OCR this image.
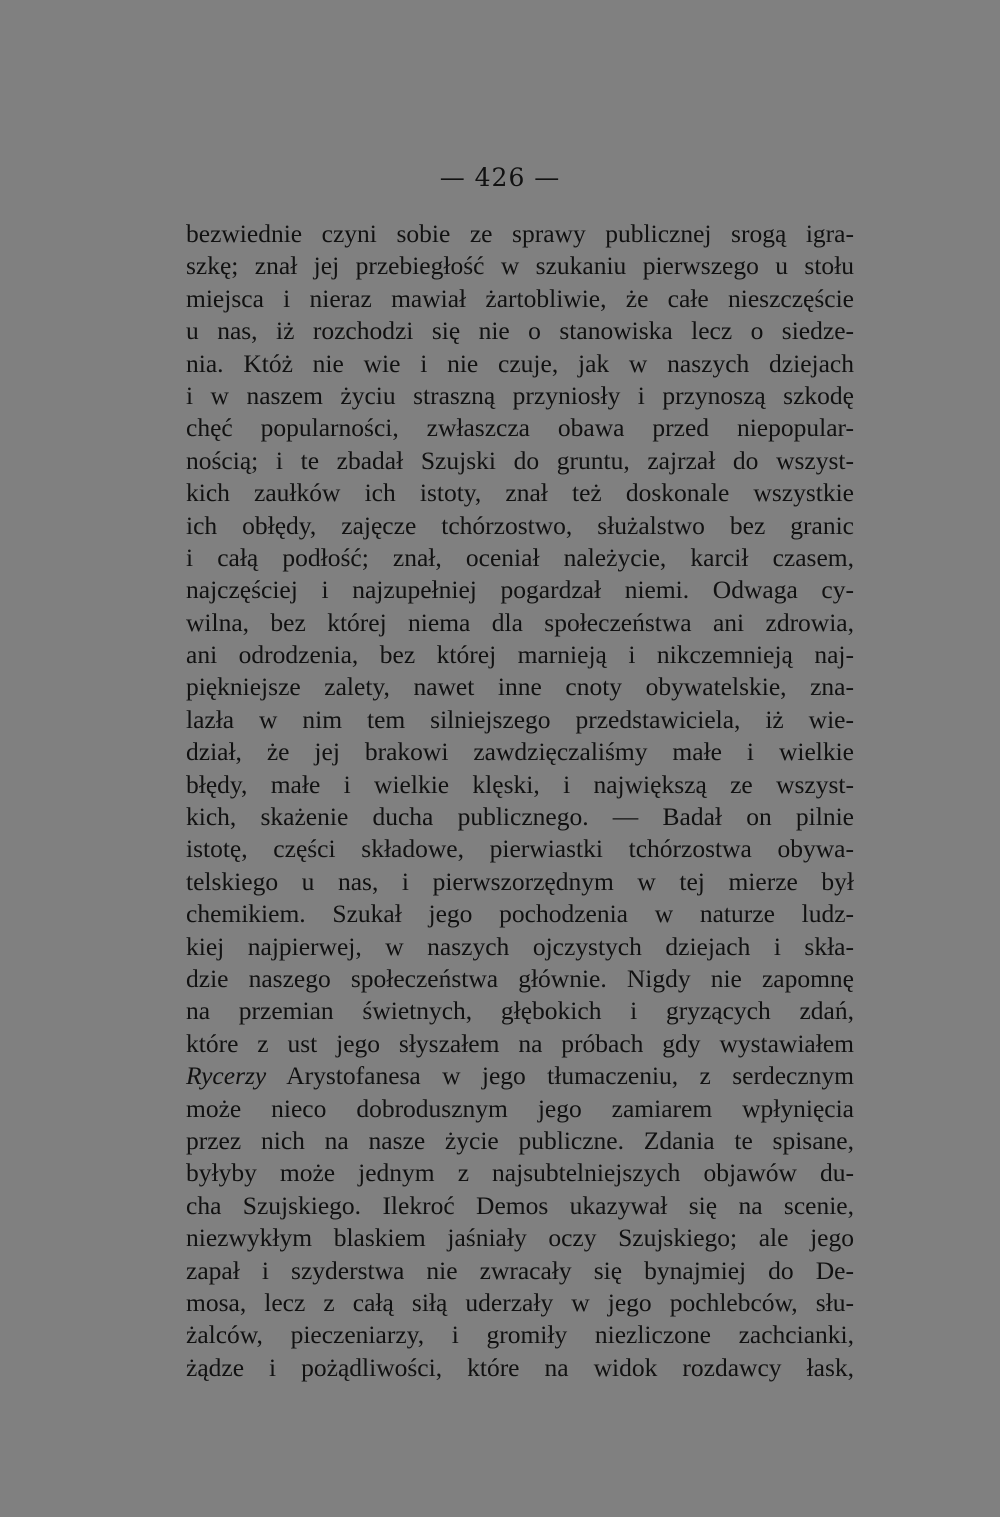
— 426 —
bezwiednie czyni sobie ze sprawy publicznej srogą igra-
szkę; znał jej przebiegłość w szukaniu pierwszego u stołu
miejsca i nieraz mawiał żartobliwie, że całe nieszczęście
u nas, iż rozchodzi się nie o stanowiska lecz o siedze-
nia. Któż nie wie i nie czuje, jak w naszych dziejach
i w naszem życiu straszną przyniosły i przynoszą szkodę
chęć popularności, zwłaszcza obawa przed niepopular-
nością; i te zbadał Szujski do gruntu, zajrzał do wszyst-
kich zaułków ich istoty, znał też doskonale wszystkie
ich obłędy, zajęcze tchórzostwo, służalstwo bez granic
i całą podłość; znał, oceniał należycie, karcił czasem,
najczęściej i najzupełniej pogardzał niemi. Odwaga cy-
wilna, bez której niema dla społeczeństwa ani zdrowia,
ani odrodzenia, bez której marnieją i nikczemnieją naj-
piękniejsze zalety, nawet inne cnoty obywatelskie, zna-
lazła w nim tem silniejszego przedstawiciela, iż wie-
dział, że jej brakowi zawdzięczaliśmy małe i wielkie
błędy, małe i wielkie klęski, i największą ze wszyst-
kich, skażenie ducha publicznego. — Badał on pilnie
istotę, części składowe, pierwiastki tchórzostwa obywa-
telskiego u nas, i pierwszorzędnym w tej mierze był
chemikiem. Szukał jego pochodzenia w naturze ludz-
kiej najpierwej, w naszych ojczystych dziejach i skła-
dzie naszego społeczeństwa głównie. Nigdy nie zapomnę
na przemian świetnych, głębokich i gryzących zdań,
które z ust jego słyszałem na próbach gdy wystawiałem
Rycerzy Arystofanesa w jego tłumaczeniu, z serdecznym
może nieco dobrodusznym jego zamiarem wpłynięcia
przez nich na nasze życie publiczne. Zdania te spisane,
byłyby może jednym z najsubtelniejszych objawów du-
cha Szujskiego. Ilekroć Demos ukazywał się na scenie,
niezwykłym blaskiem jaśniały oczy Szujskiego; ale jego
zapał i szyderstwa nie zwracały się bynajmiej do De-
mosa, lecz z całą siłą uderzały w jego pochlebców, słu-
żalców, pieczeniarzy, i gromiły niezliczone zachcianki,
żądze i pożądliwości, które na widok rozdawcy łask,
